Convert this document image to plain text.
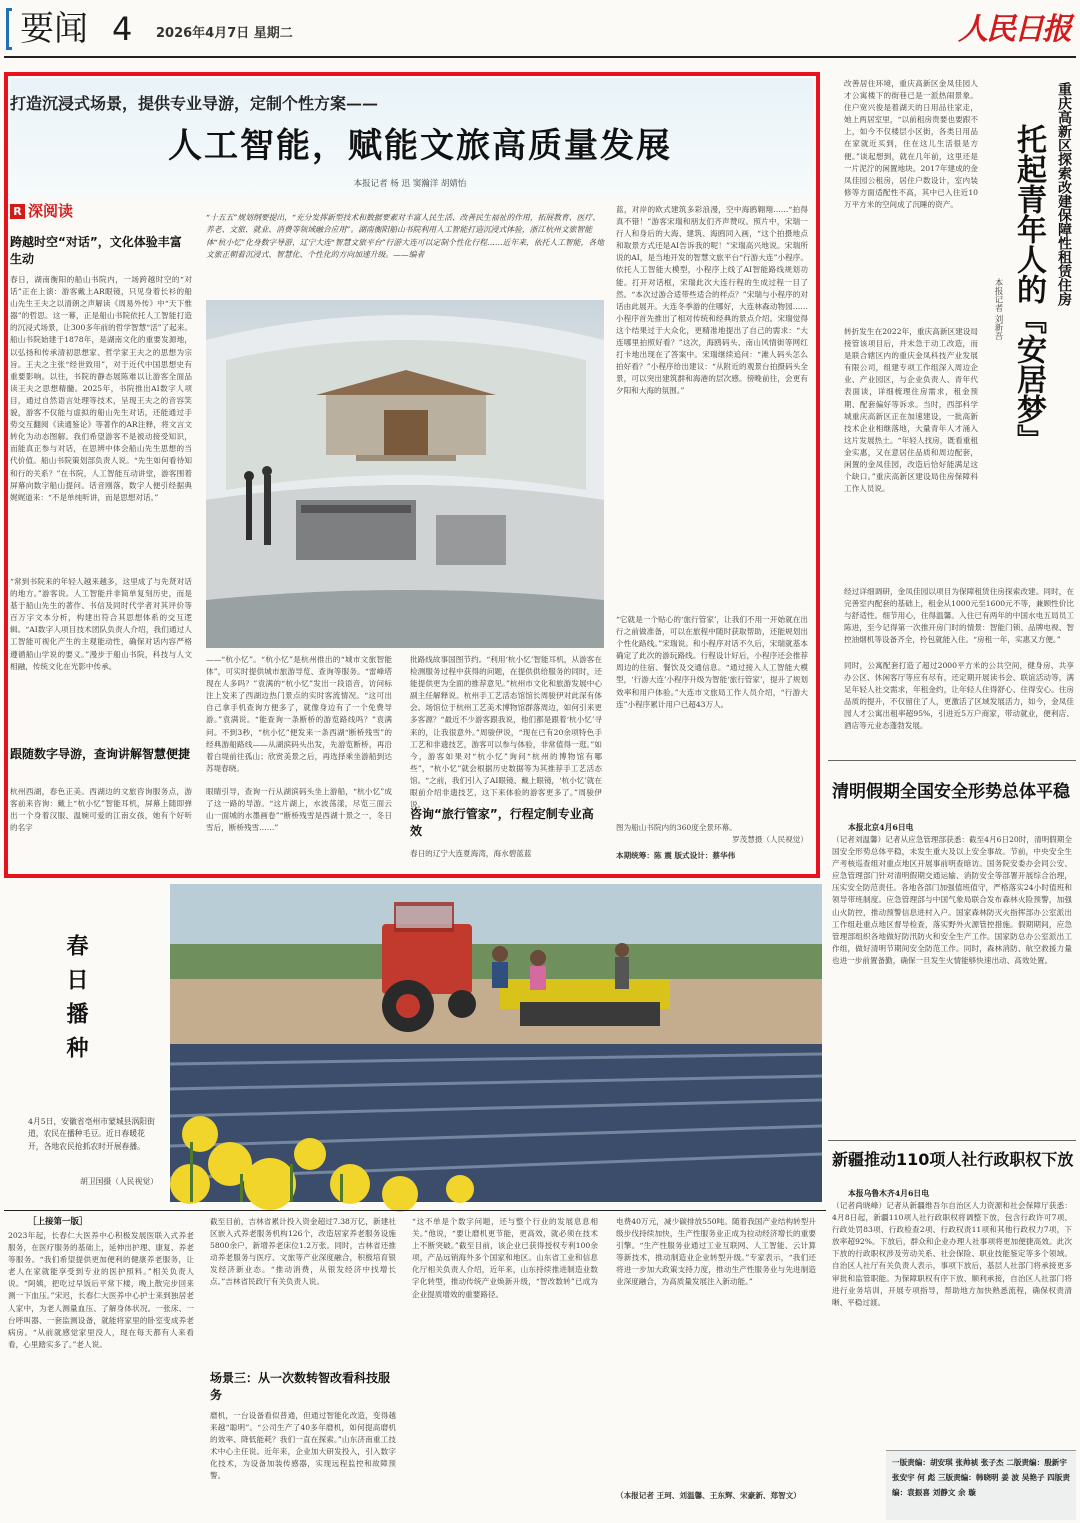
要闻 4 2026年4月7日 星期二	人民日报
打造沉浸式场景，提供专业导游，定制个性方案——
人工智能，赋能文旅高质量发展
本报记者 杨 迅 窦瀚洋 胡婧怡
R 深阅读
跨越时空“对话”，文化体验丰富生动
春日，湖南衡阳的船山书院内，一场跨越时空的“对话”正在上演：游客戴上AR眼镜，只见身着长衫的船山先生王夫之以清朗之声解读《周易外传》中“天下惟器”的哲思。这一幕，正是船山书院依托人工智能打造的沉浸式场景，让300多年前的哲学智慧“活”了起来。船山书院始建于1878年，是湖南文化的重要发源地，以弘扬和传承清初思想家、哲学家王夫之的思想为宗旨。王夫之主张“经世致用”，对于近代中国思想史有重要影响。以往，书院的静态展陈难以让游客全面品读王夫之思想精髓。2025年，书院推出AI数字人项目，通过自然语言处理等技术，呈现王夫之的音容笑貌，游客不仅能与虚拟的船山先生对话，还能通过手势交互翻阅《读通鉴论》等著作的AR注释，将文言文转化为动态图解。我们希望游客不是被动接受知识，而能真正参与对话，在思辨中体会船山先生思想的当代价值。船山书院策划部负责人说。“先生如何看待知和行的关系？”在书院，人工智能互动讲堂，游客围着屏幕向数字船山提问。话音刚落，数字人便引经据典娓娓道来：“不是单纯听讲，而是思想对话。”
“常到书院来的年轻人越来越多，这里成了与先贤对话的地方。”游客说。人工智能并非简单复刻历史，而是基于船山先生的著作、书信及同时代学者对其评价等百万字文本分析，构建出符合其思想体系的交互逻辑。“AI数字人项目技术团队负责人介绍，我们通过人工智能可视化产生的主观能动性，确保对话内容严格遵循船山学说的要义。”漫步于船山书院，科技与人文相融，传统文化在光影中传承。
跟随数字导游，查询讲解智慧便捷
杭州西湖，春色正美。西湖边的文旅咨询服务点，游客前来咨询：戴上“杭小忆”智能耳机，屏幕上随即弹出一个身着汉服、温婉可爱的江南女孩，她有个好听的名字
“十五五”规划纲要提出，“充分发挥新型技术和数据要素对丰富人民生活、改善民生福祉的作用，拓展教育、医疗、养老、文旅、就业、消费等领域融合应用”。湖南衡阳船山书院利用人工智能打造沉浸式体验，浙江杭州文旅智能体“杭小忆”化身数字导游，辽宁大连“智慧文旅平台”行游大连可以定制个性化行程……近年来，依托人工智能，各地文旅正朝着沉浸式、智慧化、个性化的方向加速升级。——编者
——“杭小忆”。“杭小忆”是杭州推出的“城市文旅智能体”，可实时提供城市旅游导览、查询等服务。“雷峰塔现在人多吗？”袁满的“杭小忆”发出一段语音，访问标注上发来了西湖边热门景点的实时客流情况。“这可出自己拿手机查询方便多了，就像身边有了一个免费导游。”袁满说。“能查询一条断桥的游览路线吗？”袁满问。不到3秒，“杭小忆”便发来一条西湖“断桥残雪”的经典游船路线——从湖滨码头出发，先游览断桥，再沿着白堤前往孤山；欣赏美景之后，再选择乘坐游船到达苏堤春晓。
眼睛引导，查询一行从湖滨码头坐上游船，“杭小忆”成了这一路的导游。“这片湖上，水波荡漾，尽览三面云山一面城的水墨画卷”“断桥残雪是西湖十景之一，冬日雪后，断桥残雪……”
批路线故事国图节约。“利用‘杭小忆’智能耳机，从游客在检测服务过程中获得的问题，在提供供给服务的同时，还能提供更为全面的推荐意见。”杭州市文化和旅游发展中心副主任解释说。杭州手工艺活态馆馆长周骏伊对此深有体会。场馆位于杭州工艺美术博物馆群落周边，如何引来更多客源？“最近不少游客跟我说，他们都是跟着‘杭小忆’寻来的，让我很意外。”周骏伊说，“现在已有20余项特色手工艺和非遗技艺，游客可以参与体验，非常值得一逛。”如今，游客如果对“杭小忆”询问“杭州的博物馆有哪些”，“杭小忆”就会根据历史数据等为其推荐手工艺活态馆。“之前，我们引入了AI眼镜、戴上眼镜，‘杭小忆’就在眼前介绍非遗技艺，这下来体验的游客更多了。”周骏伊说。
咨询“旅行管家”，行程定制专业高效
春日的辽宁大连夏海湾，海水碧蓝蓝
蓝，对岸的欧式建筑多彩浪漫，空中海鸥翱翔……“拍得真不错！”游客宋瑞和朋友们齐声赞叹。照片中，宋瑞一行人和身后的大海、建筑、海鸥同入画，“这个拍摄地点和取景方式还是AI告诉我的呢！”宋瑞高兴地说。宋瑞所说的AI，是当地开发的智慧文旅平台“行游大连”小程序。依托人工智能大模型，小程序上线了AI智能路线规划功能。打开对话框，宋瑞此次大连行程的生成过程一目了然。“本次过游合适带些适合的样点？”宋瑞与小程序的对话由此展开。大连冬季游的住哪好，大连林森动物园……小程序首先推出了相对传统和经典的景点介绍。宋瑞觉得这个结果过于大众化，更精准地提出了自己的需求：“大连哪里拍照好看？”这次，海鸥码头、南山风情街等网红打卡地出现在了答案中。宋瑞继续追问：“滩人码头怎么拍好看？”小程序给出建议：“从附近的观景台拍摄码头全景，可以突出建筑群和海港的层次感。傍晚前往，会更有夕阳和大海的氛围。”
“它就是一个贴心的‘旅行管家’，让我们不用一开始就在出行之前做准备，可以在旅程中随时获取帮助，还能规划出个性化路线。”宋瑞说。和小程序对话不久后，宋瑞就基本确定了此次的游玩路线。行程设计好后，小程序还会推荐周边的住宿、餐饮及交通信息。“通过接入人工智能大模型，‘行游大连’小程序升级为智能‘旅行管家’，提升了规划效率和用户体验。”大连市文旅局工作人员介绍，“行游大连”小程序累计用户已超43万人。
图为船山书院内的360度全景环幕。
罗茂慧摄（人民视觉）
本期统筹：陈 震 版式设计：蔡华伟
改善居住环境，重庆高新区金凤佳园人才公寓楼下的街巷已是一派热闹景象。住户宽兴俊是着湖天的日用品往家走，她上两居室里，“以前租房贵要也要跟不上，如今不仅楼层小区街，各类日用品在家就近买到，住在这儿生活很是方便。”谈起想到，就在几年前，这里还是一片泥泞的闲置地块。2017年建成的金凤佳园公租房，居住户数设计，室内装修等方面适配性不高，其中已入住近10万平方米的空间成了沉睡的资产。
转折发生在2022年，重庆高新区建设局接管该项目后，并未急于动工改造，而是联合辖区内的重庆金凤科技产业发展有限公司，组建专项工作组深入周边企业、产业园区，与企业负责人、青年代表面谈，详细梳理住房需求，租金预期、配套偏好等诉求。当时，西部科学城重庆高新区正在加速建设，一批高新技术企业相继落地，大量青年人才涌入这片发展热土。“年轻人找房，既看重租金实惠，又在意居住品质和周边配套，闲置的金凤佳园，改造后恰好能满足这个缺口。”重庆高新区建设局住房保障科工作人员说。
经过详细调研，金凤佳园以项目为保障租赁住房探索改建。同时，在完善室内配套的基础上，租金从1000元至1600元不等，兼顾性价比与舒适性。细节用心，住得温馨。入住已有两年的中国水电五局员工陈进，至今记得第一次推开房门时的情景：智能门锁、品牌电视、智控油烟机等设备齐全，拎包就能入住。“房租一年，实惠又方便。”
同时，公寓配套打造了超过2000平方米的公共空间，健身房、共享办公区、休闲客厅等应有尽有，还定期开展读书会、联谊活动等，满足年轻人社交需求，年租金约，让年轻人住得舒心、住得安心。住房品质的提升，不仅留住了人，更激活了区域发展活力，如今，金凤佳园人才公寓出租率超95%，引进近5万户商家，带动就业，便利店、酒店等元业态蓬勃发展。
重庆高新区探索改建保障性租赁住房
托起青年人的『安居梦』
本报记者 刘新吾
清明假期全国安全形势总体平稳
本报北京4月6日电
（记者刘温馨）记者从应急管理部获悉：截至4月6日20时，清明假期全国安全形势总体平稳，未发生重大及以上安全事故。节前，中央安全生产考核巡查组对重点地区开展事前明查暗访。国务院安委办会同公安、应急管理部门针对清明假期交通运输、消防安全等部署开展综合治理，压实安全防范责任。各地各部门加强值班值守，严格落实24小时值班和领导带班制度。应急管理部与中国气象局联合发布森林火险预警，加强山火防控，推动预警信息进村入户。国家森林防灭火指挥部办公室派出工作组赴重点地区督导检查，落实野外火源管控措施。假期期间，应急管理部组织各地做好防汛防火和安全生产工作。国家防总办公室派出工作组，做好清明节期间安全防范工作。同时，森林消防、航空救援力量也进一步前置备勤，确保一旦发生火情能够快速出动、高效处置。
新疆推动110项人社行政职权下放
本报乌鲁木齐4月6日电
（记者尚晓峰）记者从新疆维吾尔自治区人力资源和社会保障厅获悉：4月8日起，新疆110项人社行政职权将调整下放，包含行政许可7项、行政处罚83项、行政检查2项、行政权责11项和其他行政权力7项，下放率超92%。下放后，群众和企业办理人社事项将更加便捷高效。此次下放的行政职权涉及劳动关系、社会保险、职业技能鉴定等多个领域。自治区人社厅有关负责人表示，事项下放后，基层人社部门将承接更多审批和监管职能。为保障职权有序下放、顺利承接，自治区人社部门将进行业务培训，开展专项指导，帮助地方加快熟悉流程，确保权责清晰、平稳过渡。
春日播种
4月5日，安徽省亳州市蒙城县涡阳街道，农民在播种毛豆。近日春暖花开，各地农民抢抓农时开展春播。
胡卫国摄（人民视觉）
［上接第一版］
2023年起，长春仁大医养中心积极发展医联入式养老服务，在医疗服务的基础上，延伸出护理、康复、养老等服务。“我们希望提供更加便利的健康养老服务，让老人在家就能享受到专业的医护照料。”相关负责人说。“阿姨，把吃过早饭后平常下楼，晚上散完步回来测一下血压。”宋迟，长春仁大医养中心护士来到独居老人家中，为老人测量血压、了解身体状况。一张床、一台呼叫器、一套监测设备，就能将家里的卧室变成养老病房。“从前就感觉家里没人，现在每天都有人来看看，心里踏实多了。”老人说。
截至目前，吉林省累计投入资金超过7.38万亿，新建社区嵌入式养老服务机构126个，改造居家养老服务设施5800余户，新增养老床位1.2万张。同时，吉林省还推动养老服务与医疗、文旅等产业深度融合，积极培育银发经济新业态。“推动消费，从银发经济中找增长点。”吉林省民政厅有关负责人说。
场景三：从一次数转智改看科技服务
磨机，一台设备看似普通，但通过智能化改造，变得越来越“聪明”。“公司生产了40多年磨机，如何提高磨机的效率、降低能耗？我们一直在探索。”山东济南重工技术中心主任说。近年来，企业加大研发投入，引入数字化技术，为设备加装传感器，实现远程监控和故障预警。
“这不单是个数字问题，还与整个行业的发展息息相关。”他说，“要让磨机更节能，更高效，就必须在技术上不断突破。”截至目前，该企业已获得授权专利100余项，产品远销海外多个国家和地区。山东省工业和信息化厅相关负责人介绍，近年来，山东持续推进制造业数字化转型，推动传统产业焕新升级，“智改数转”已成为企业提质增效的重要路径。
电费40万元，减少碳排放550吨。随着我国产业结构转型升级步伐持续加快，生产性服务业正成为拉动经济增长的重要引擎。“生产性服务业通过工业互联网、人工智能、云计算等新技术，推动制造业企业转型升级。”专家表示，“我们还将进一步加大政策支持力度，推动生产性服务业与先进制造业深度融合，为高质量发展注入新动能。”
（本报记者 王珂、刘温馨、王东辉、宋豪新、郑智文）
一版责编：胡安琪 张帅祯 张子杰 二版责编：殷新宇 张安宇 何 彪 三版责编：韩晓明 姜 波 吴艳子 四版责编：袁振喜 刘静文 余 璇
